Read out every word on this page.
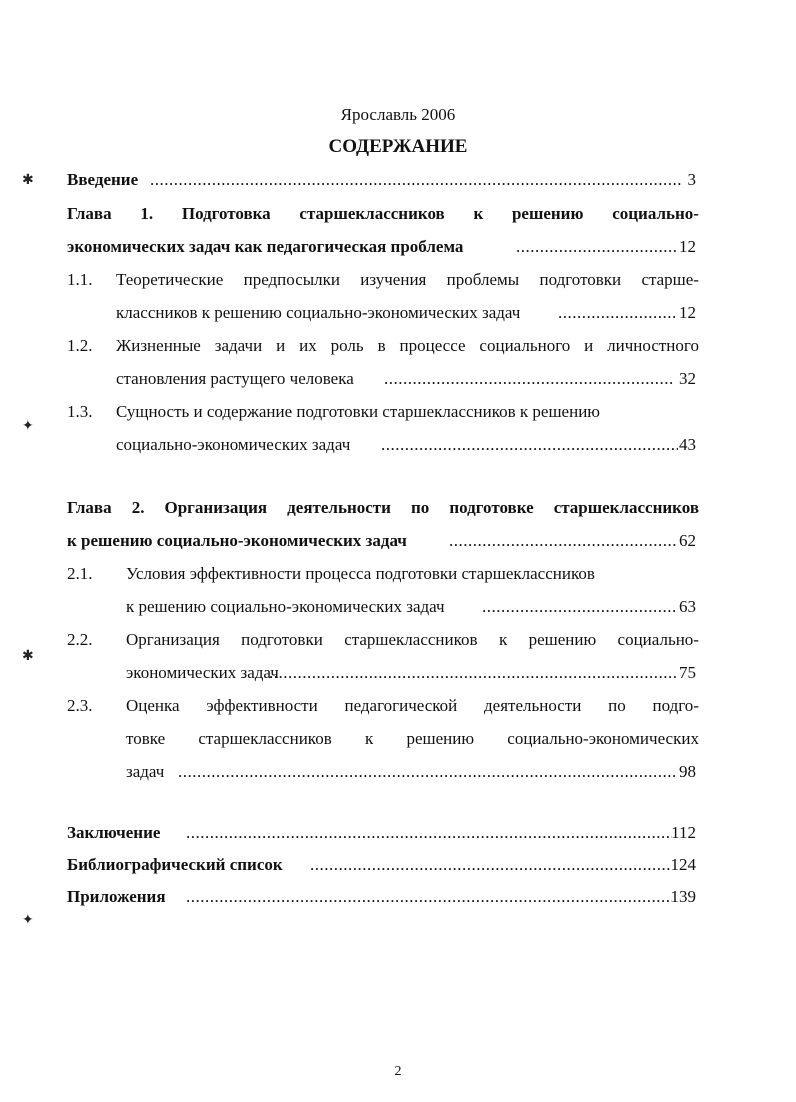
✱
✦
✱
✦
Ярославль 2006
СОДЕРЖАНИЕ
Введение .....	3
Глава 1. Подготовка старшеклассников к решению социально-
экономических задач как педагогическая проблема .....	12
1.1. Теоретические предпосылки изучения проблемы подготовки старше-
классников к решению социально-экономических задач .....	12
1.2. Жизненные задачи и их роль в процессе социального и личностного
становления растущего человека .....	32
1.3. Сущность и содержание подготовки старшеклассников к решению
социально-экономических задач .....	43
Глава 2. Организация деятельности по подготовке старшеклассников
к решению социально-экономических задач .....	62
2.1. Условия эффективности процесса подготовки старшеклассников
к решению социально-экономических задач .....	63
2.2. Организация подготовки старшеклассников к решению социально-
экономических задач .....	75
2.3. Оценка эффективности педагогической деятельности по подго-
товке старшеклассников к решению социально-экономических
задач .....	98
Заключение .....	112
Библиографический список .....	124
Приложения .....	139
2
